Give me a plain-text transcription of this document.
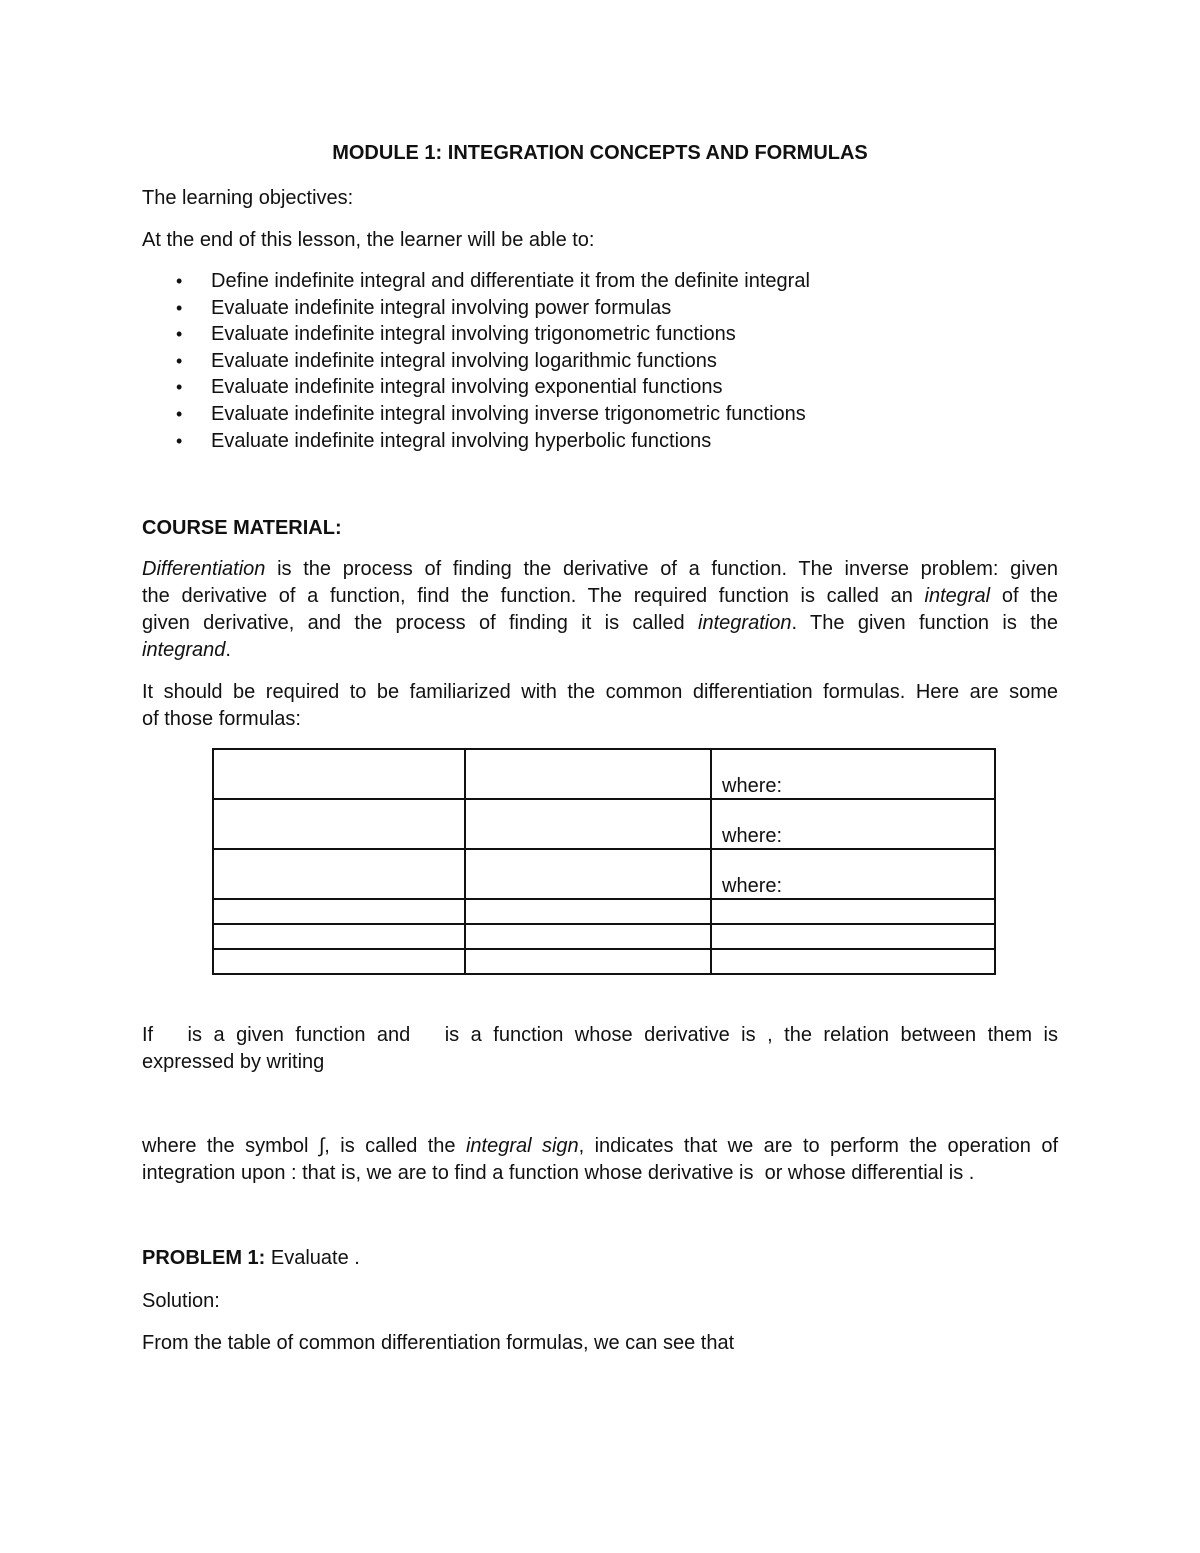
MODULE 1: INTEGRATION CONCEPTS AND FORMULAS
The learning objectives:
At the end of this lesson, the learner will be able to:
• Define indefinite integral and differentiate it from the definite integral
• Evaluate indefinite integral involving power formulas
• Evaluate indefinite integral involving trigonometric functions
• Evaluate indefinite integral involving logarithmic functions
• Evaluate indefinite integral involving exponential functions
• Evaluate indefinite integral involving inverse trigonometric functions
• Evaluate indefinite integral involving hyperbolic functions
COURSE MATERIAL:
Differentiation is the process of finding the derivative of a function. The inverse problem: given
the derivative of a function, find the function. The required function is called an integral of the
given derivative, and the process of finding it is called integration. The given function is the
integrand.
It should be required to be familiarized with the common differentiation formulas. Here are some
of those formulas:
		where:
		where:
		where:

If   is a given function and   is a function whose derivative is , the relation between them is
expressed by writing
where the symbol ∫, is called the integral sign, indicates that we are to perform the operation of
integration upon : that is, we are to find a function whose derivative is  or whose differential is .
PROBLEM 1: Evaluate .
Solution:
From the table of common differentiation formulas, we can see that
